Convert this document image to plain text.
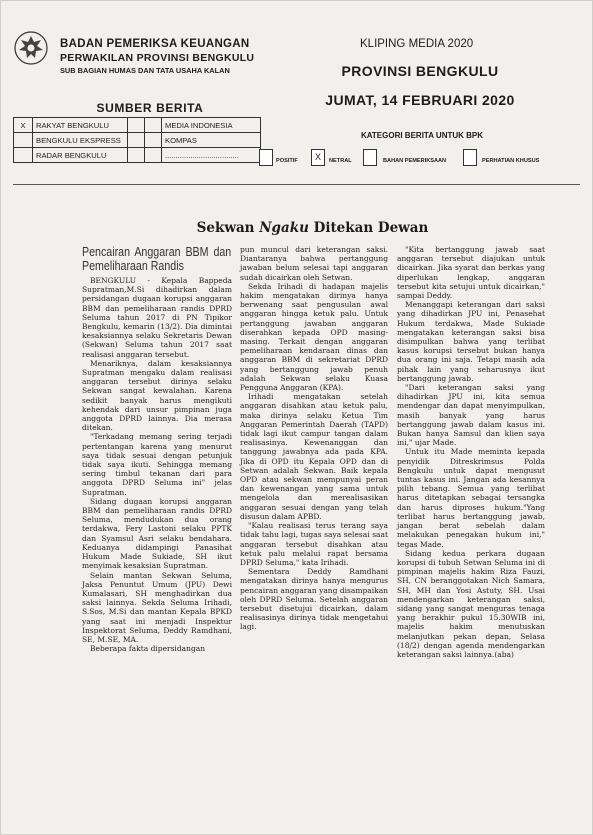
BADAN PEMERIKSA KEUANGAN
PERWAKILAN PROVINSI BENGKULU
SUB BAGIAN HUMAS DAN TATA USAHA KALAN
KLIPING MEDIA 2020
PROVINSI BENGKULU
JUMAT, 14 FEBRUARI 2020
SUMBER BERITA
X	RAKYAT BENGKULU			MEDIA INDONESIA
	BENGKULU EKSPRESS			KOMPAS
	RADAR BENGKULU			...................................
KATEGORI BERITA UNTUK BPK
POSITIF	X	NETRAL	BAHAN PEMERIKSAAN	PERHATIAN KHUSUS
Sekwan Ngaku Ditekan Dewan
Pencairan Anggaran BBM dan Pemeliharaan Randis

BENGKULU - Kepala Bappeda Supratman,M.Si dihadirkan dalam persidangan dugaan korupsi anggaran BBM dan pemeliharaan randis DPRD Seluma tahun 2017 di PN Tipikor Bengkulu, kemarin (13/2). Dia dimintai kesaksiannya selaku Sekretaris Dewan (Sekwan) Seluma tahun 2017 saat realisasi anggaran tersebut.

Menariknya, dalam kesaksiannya Supratman mengaku dalam realisasi anggaran tersebut dirinya selaku Sekwan sangat kewalahan. Karena sedikit banyak harus mengikuti kehendak dari unsur pimpinan juga anggota DPRD lainnya. Dia merasa ditekan.

"Terkadang memang sering terjadi pertentangan karena yang menurut saya tidak sesuai dengan petunjuk tidak saya ikuti. Sehingga memang sering timbul tekanan dari para anggota DPRD Seluma ini" jelas Supratman.

Sidang dugaan korupsi anggaran BBM dan pemeliharaan randis DPRD Seluma, mendudukan dua orang terdakwa, Fery Lastoni selaku PPTK dan Syamsul Asri selaku bendahara. Keduanya didampingi Panasihat Hukum Made Sukiade, SH ikut menyimak kesaksian Supratman.

Selain mantan Sekwan Seluma, Jaksa Penuntut Umum (JPU) Dewi Kumalasari, SH menghadirkan dua saksi lainnya. Sekda Seluma Irihadi, S.Sos, M.Si dan mantan Kepala BPKD yang saat ini menjadi Inspektur Inspektorat Seluma, Deddy Ramdhani, SE, M.SE, MA.

Beberapa fakta dipersidangan

pun muncul dari keterangan saksi. Diantaranya bahwa pertanggung jawaban belum selesai tapi anggaran sudah dicairkan oleh Setwan.

Sekda Irihadi di hadapan majelis hakim mengatakan dirinya hanya berwenang saat pengusulan awal anggaran hingga ketuk palu. Untuk pertanggung jawaban anggaran diserahkan kepada OPD masing-masing. Terkait dengan anggaran pemeliharaan kendaraan dinas dan anggaran BBM di sekretariat DPRD yang bertanggung jawab penuh adalah Sekwan selaku Kuasa Pengguna Anggaran (KPA).

Irihadi mengatakan setelah anggaran disahkan atau ketuk palu, maka dirinya selaku Ketua Tim Anggaran Pemerintah Daerah (TAPD) tidak lagi ikut campur tangan dalam realisasinya. Kewenanggan dan tanggung jawabnya ada pada KPA. Jika di OPD itu Kepala OPD dan di Setwan adalah Sekwan. Baik kepala OPD atau sekwan mempunyai peran dan kewenangan yang sama untuk mengelola dan merealisasikan anggaran sesuai dengan yang telah disusun dalam APBD.

"Kalau realisasi terus terang saya tidak tahu lagi, tugas saya selesai saat anggaran tersebut disahkan atau ketuk palu melalui rapat bersama DPRD Seluma," kata Irihadi.

Sementara Deddy Ramdhani mengatakan dirinya hanya mengurus pencairan anggaran yang disampaikan oleh DPRD Seluma. Setelah anggaran tersebut disetujui dicairkan, dalam realisasinya dirinya tidak mengetahui lagi.

"Kita bertanggung jawab saat anggaran tersebut diajukan untuk dicairkan. Jika syarat dan berkas yang diperlukan lengkap, anggaran tersebut kita setujui untuk dicairkan," sampai Deddy.

Menanggapi keterangan dari saksi yang dihadirkan JPU ini, Penasehat Hukum terdakwa, Made Sukiade mengatakan keterangan saksi bisa disimpulkan bahwa yang terlibat kasus korupsi tersebut bukan hanya dua orang ini saja. Tetapi masih ada pihak lain yang seharusnya ikut bertanggung jawab.

"Dari keterangan saksi yang dihadirkan JPU ini, kita semua mendengar dan dapat menyimpulkan, masih banyak yang harus bertanggung jawab dalam kasus ini. Bukan hanya Samsul dan klien saya ini," ujar Made.

Untuk itu Made meminta kepada penyidik Ditreskrimsus Polda Bengkulu untuk dapat mengusut tuntas kasus ini. Jangan ada kesannya pilih tebang. Semua yang terlibat harus ditetapkan sebagai tersangka dan harus diproses hukum."Yang terlibat harus bertanggung jawab, jangan berat sebelah dalam melakukan penegakan hukum ini," tegas Made.

Sidang kedua perkara dugaan korupsi di tubuh Setwan Seluma ini di pimpinan majelis hakim Riza Fauzi, SH, CN beranggotakan Nich Samara, SH, MH dan Yosi Astuty, SH. Usai mendengarkan keterangan saksi, sidang yang sangat menguras tenaga yang berakhir pukul 15.30WIB ini, majelis hakim menutuskan melanjutkan pekan depan, Selasa (18/2) dengan agenda mendengarkan keterangan saksi lainnya.(aba)
